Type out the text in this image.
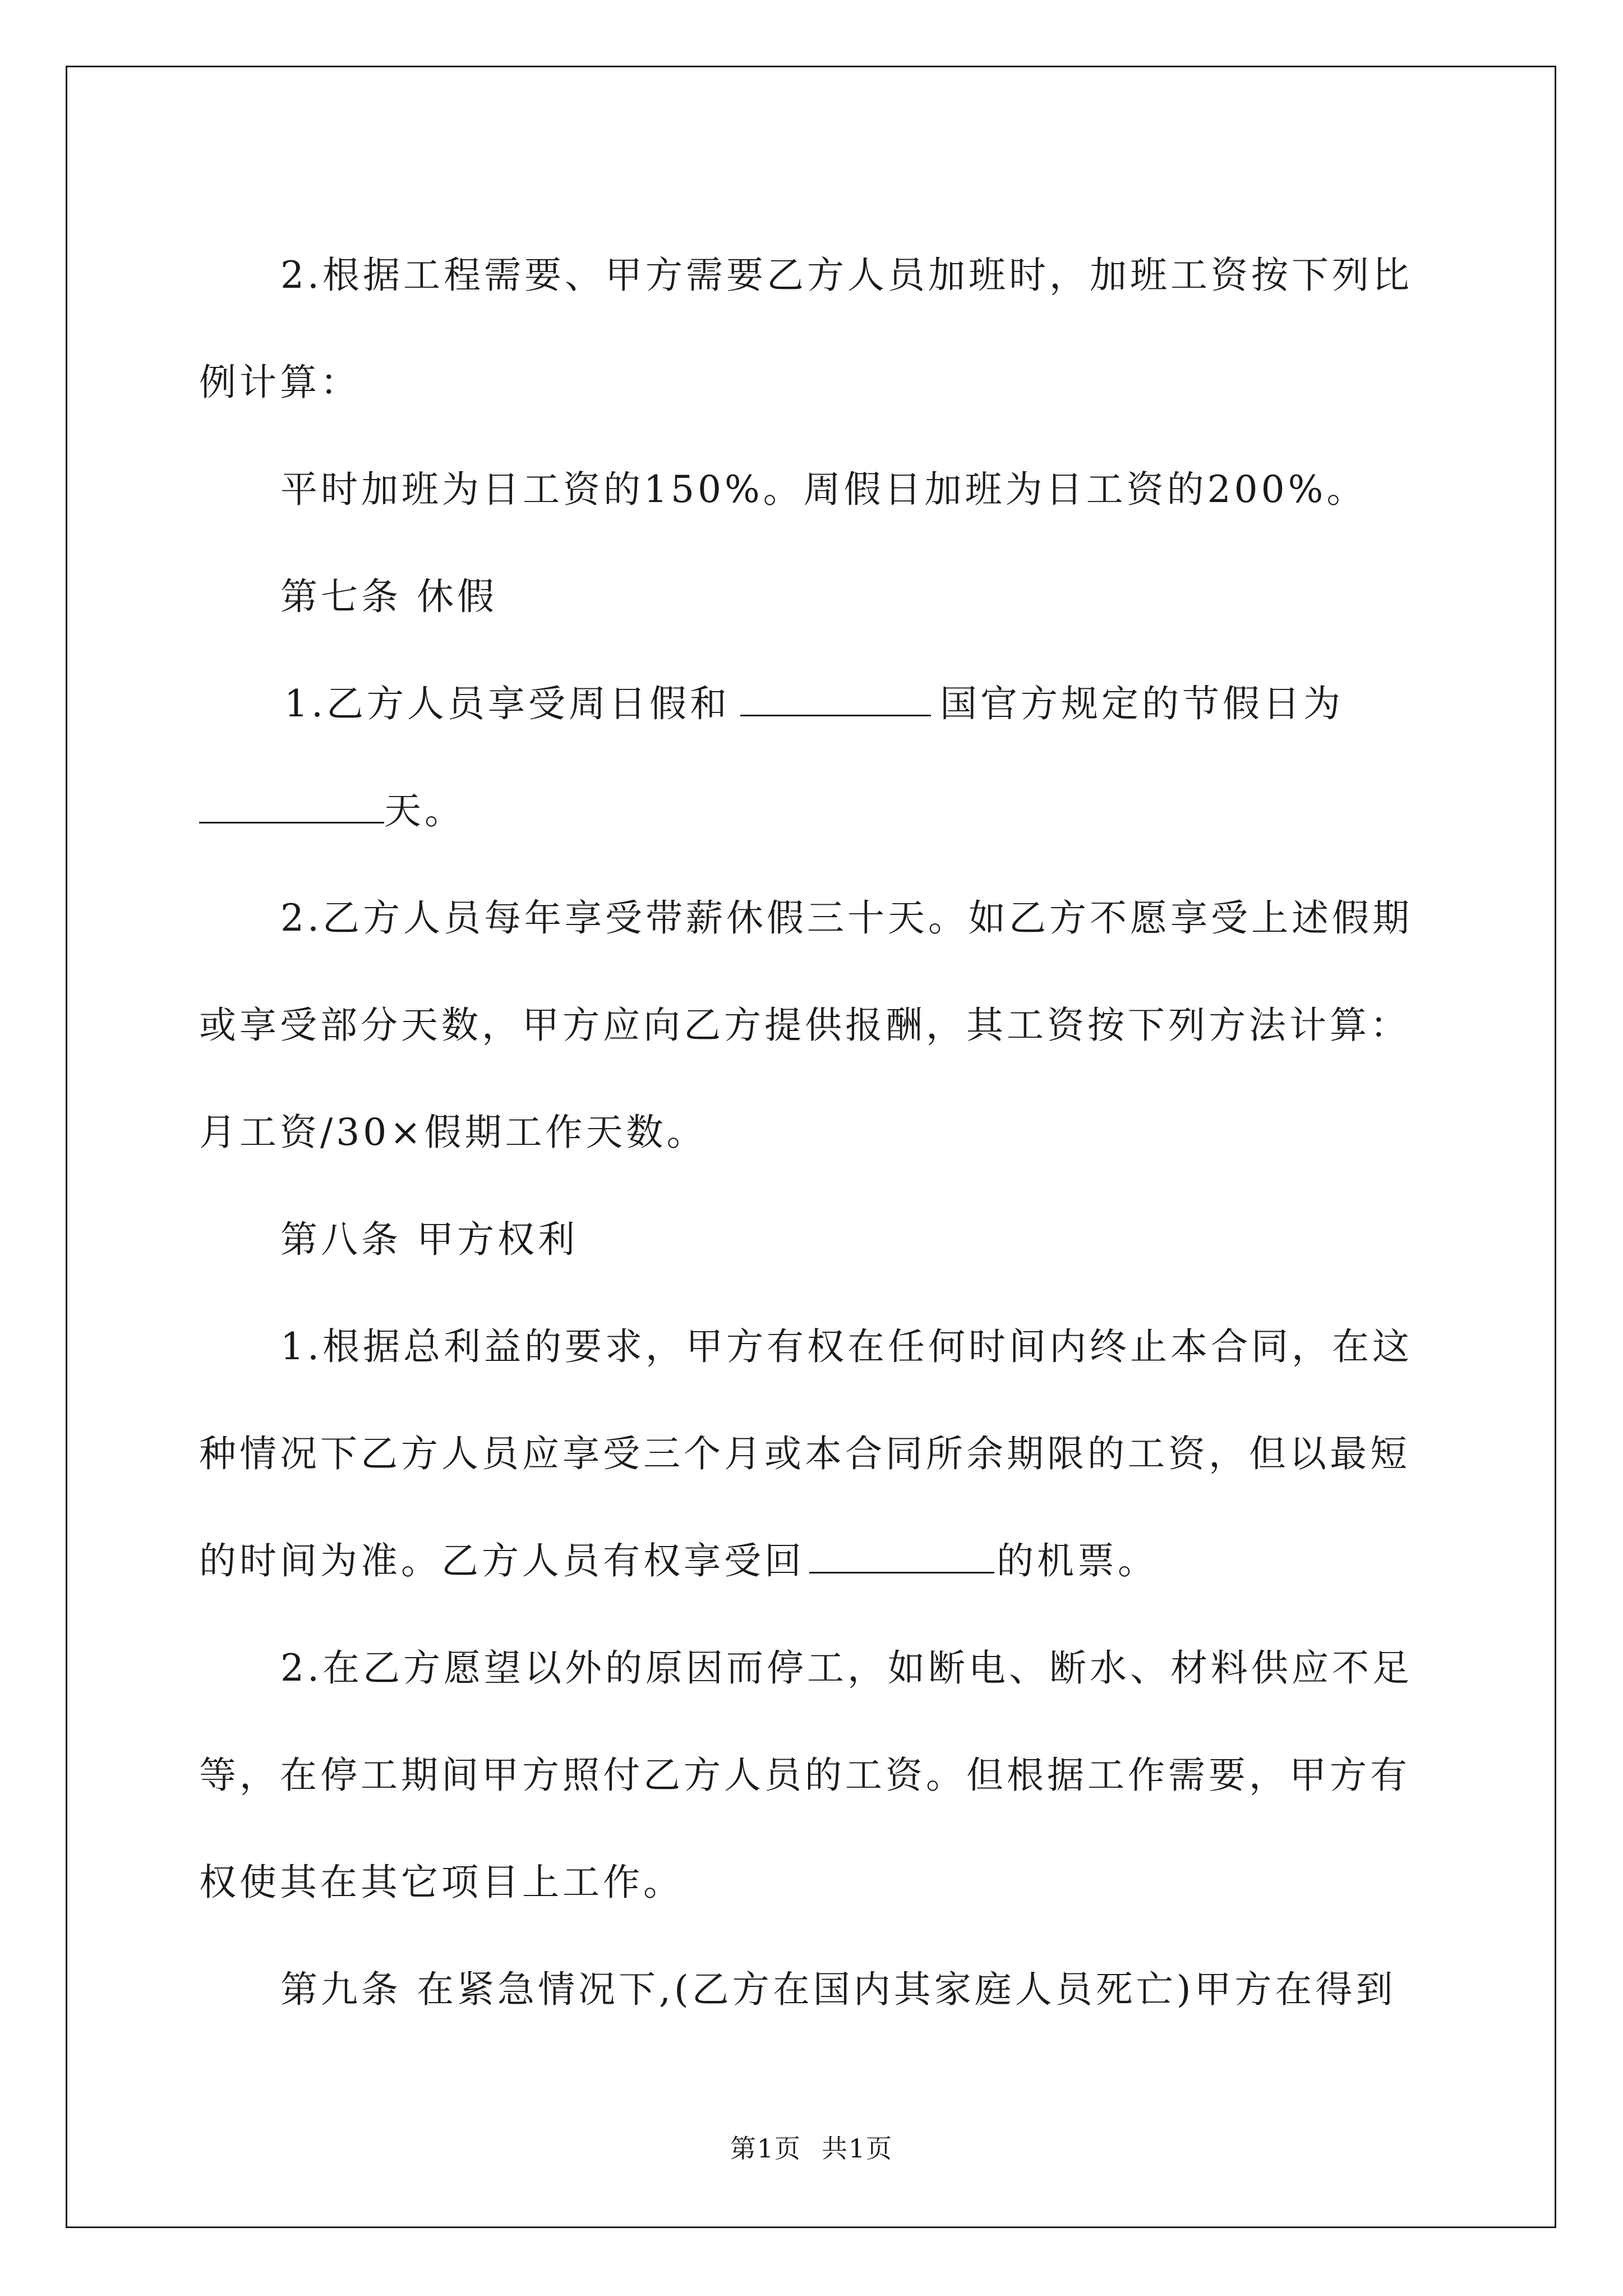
2.根据工程需要、甲方需要乙方人员加班时，加班工资按下列比

例计算：

平时加班为日工资的150%。周假日加班为日工资的200%。

第七条 休假

1.乙方人员享受周日假和	国官方规定的节假日为

天。

2.乙方人员每年享受带薪休假三十天。如乙方不愿享受上述假期

或享受部分天数，甲方应向乙方提供报酬，其工资按下列方法计算：

月工资/30×假期工作天数。

第八条 甲方权利

1.根据总利益的要求，甲方有权在任何时间内终止本合同，在这

种情况下乙方人员应享受三个月或本合同所余期限的工资，但以最短

的时间为准。乙方人员有权享受回	的机票。

2.在乙方愿望以外的原因而停工，如断电、断水、材料供应不足

等，在停工期间甲方照付乙方人员的工资。但根据工作需要，甲方有

权使其在其它项目上工作。

第九条 在紧急情况下,(乙方在国内其家庭人员死亡)甲方在得到

第1页 共1页
